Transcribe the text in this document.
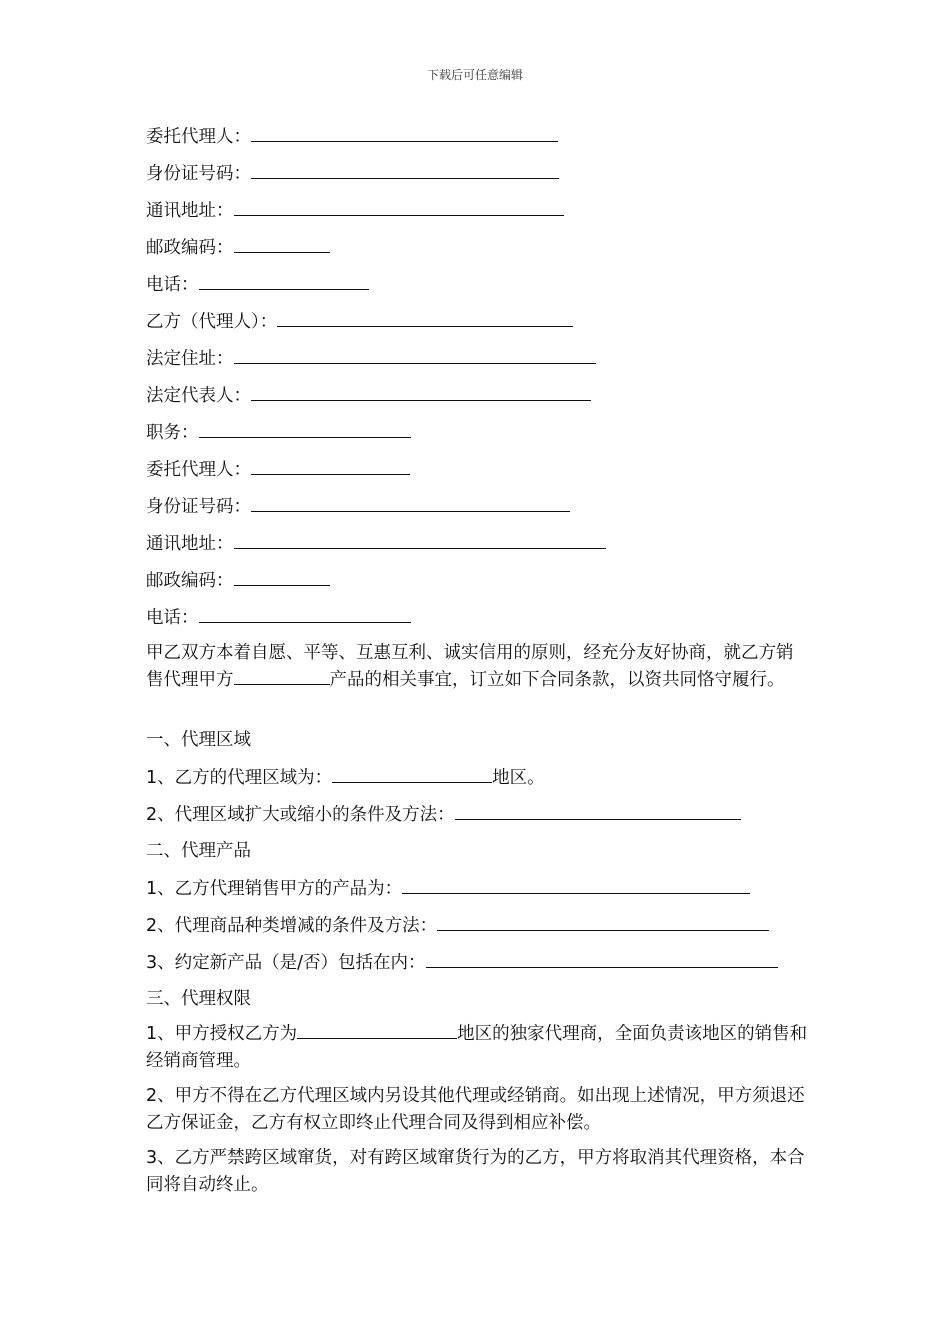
下载后可任意编辑
委托代理人：
身份证号码：
通讯地址：
邮政编码：
电话：
乙方（代理人）：
法定住址：
法定代表人：
职务：
委托代理人：
身份证号码：
通讯地址：
邮政编码：
电话：
甲乙双方本着自愿、平等、互惠互利、诚实信用的原则，经充分友好协商，就乙方销售代理甲方	产品的相关事宜，订立如下合同条款，以资共同恪守履行。
一、代理区域
1、乙方的代理区域为：	地区。
2、代理区域扩大或缩小的条件及方法：
二、代理产品
1、乙方代理销售甲方的产品为：
2、代理商品种类增减的条件及方法：
3、约定新产品（是/否）包括在内：
三、代理权限
1、甲方授权乙方为	地区的独家代理商，全面负责该地区的销售和经销商管理。
2、甲方不得在乙方代理区域内另设其他代理或经销商。如出现上述情况，甲方须退还乙方保证金，乙方有权立即终止代理合同及得到相应补偿。
3、乙方严禁跨区域窜货，对有跨区域窜货行为的乙方，甲方将取消其代理资格，本合同将自动终止。
